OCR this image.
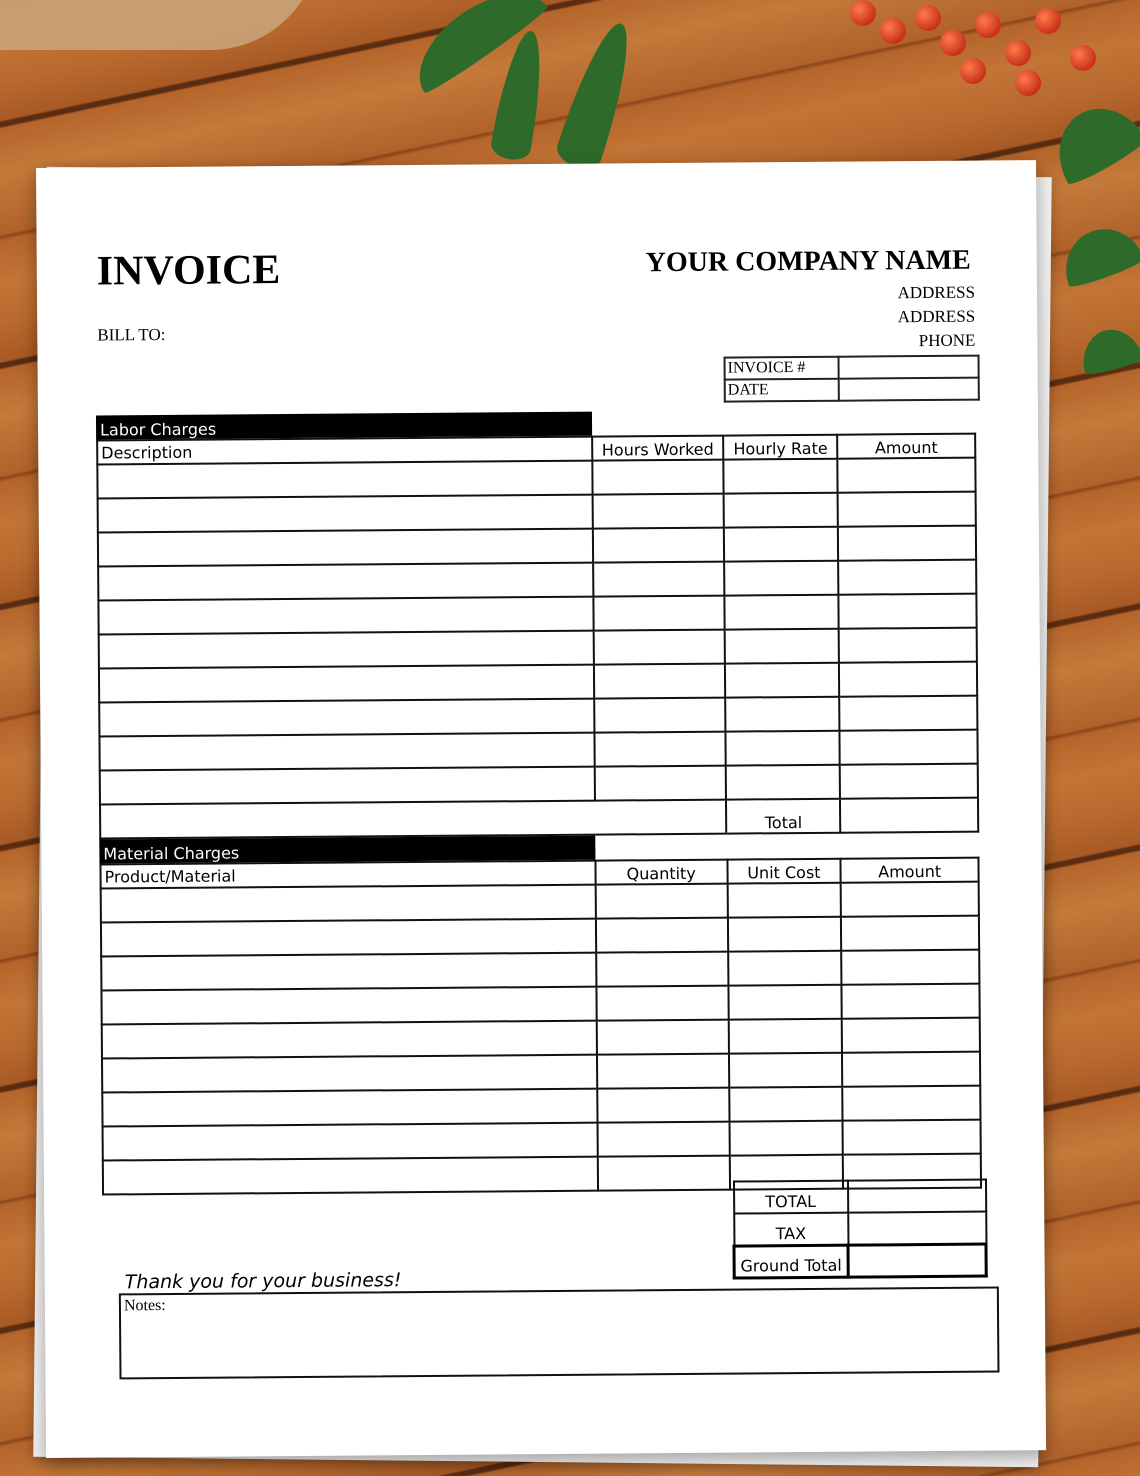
INVOICE
BILL TO:
YOUR COMPANY NAME
ADDRESS
ADDRESS
PHONE
INVOICE #	
DATE	
Labor Charges
Description	Hours Worked	Hourly Rate	Amount

		Total	
Material Charges
Product/Material	Quantity	Unit Cost	Amount

TOTAL	
TAX	
Ground Total	
Thank you for your business!
Notes:
